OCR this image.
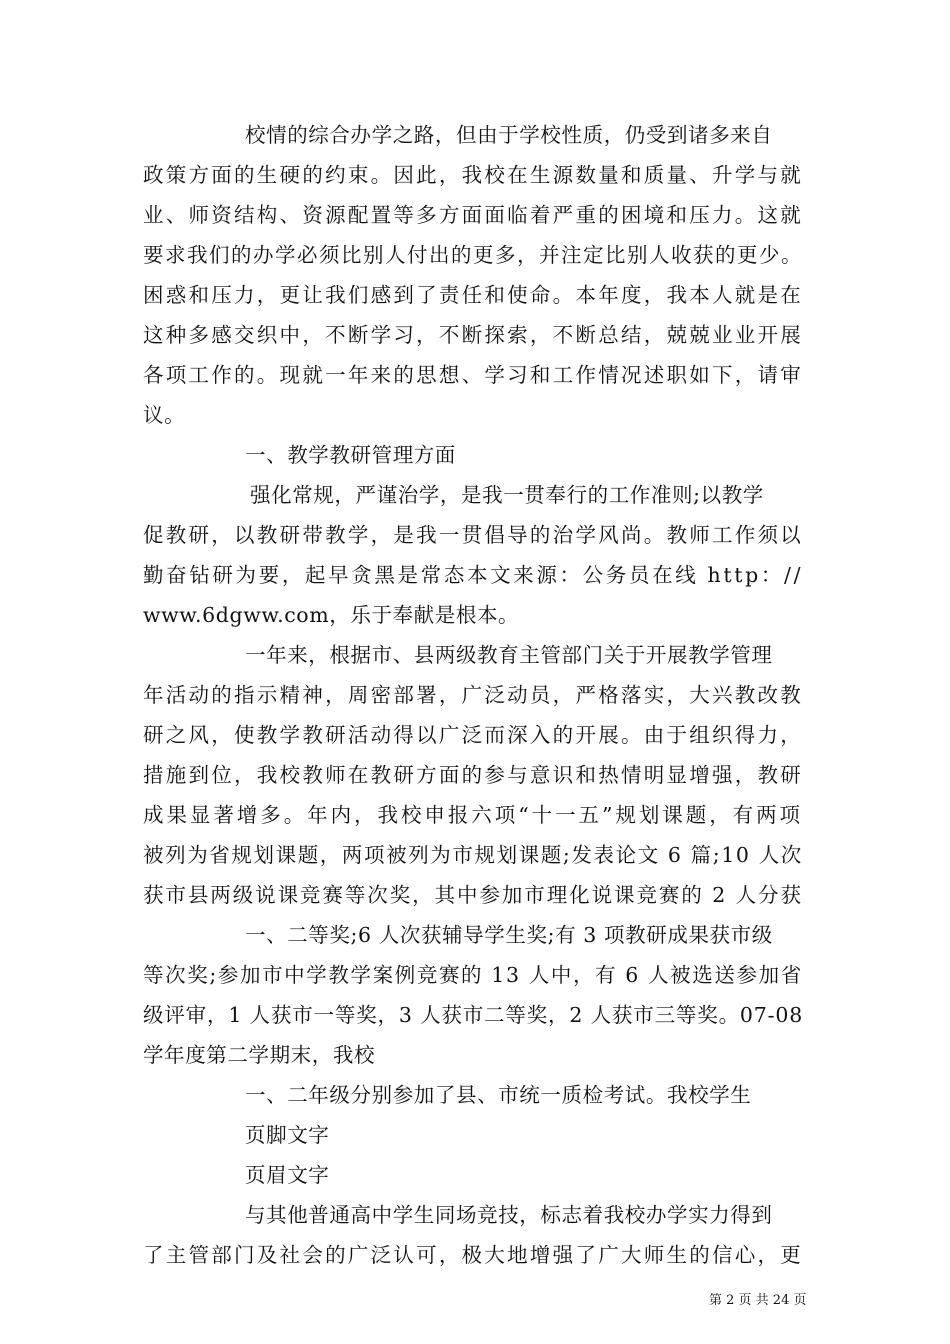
校情的综合办学之路，但由于学校性质，仍受到诸多来自
政策方面的生硬的约束。因此，我校在生源数量和质量、升学与就
业、师资结构、资源配置等多方面面临着严重的困境和压力。这就
要求我们的办学必须比别人付出的更多，并注定比别人收获的更少。
困惑和压力，更让我们感到了责任和使命。本年度，我本人就是在
这种多感交织中，不断学习，不断探索，不断总结，兢兢业业开展
各项工作的。现就一年来的思想、学习和工作情况述职如下，请审
议。
一、教学教研管理方面
强化常规，严谨治学，是我一贯奉行的工作准则;以教学
促教研，以教研带教学，是我一贯倡导的治学风尚。教师工作须以
勤奋钻研为要，起早贪黑是常态本文来源：公务员在线 http：//
www.6dgww.com，乐于奉献是根本。
一年来，根据市、县两级教育主管部门关于开展教学管理
年活动的指示精神，周密部署，广泛动员，严格落实，大兴教改教
研之风，使教学教研活动得以广泛而深入的开展。由于组织得力，
措施到位，我校教师在教研方面的参与意识和热情明显增强，教研
成果显著增多。年内，我校申报六项“十一五”规划课题，有两项
被列为省规划课题，两项被列为市规划课题;发表论文 6 篇;10 人次
获市县两级说课竞赛等次奖，其中参加市理化说课竞赛的 2 人分获
一、二等奖;6 人次获辅导学生奖;有 3 项教研成果获市级
等次奖;参加市中学教学案例竞赛的 13 人中，有 6 人被选送参加省
级评审，1 人获市一等奖，3 人获市二等奖，2 人获市三等奖。07-08
学年度第二学期末，我校
一、二年级分别参加了县、市统一质检考试。我校学生
页脚文字
页眉文字
与其他普通高中学生同场竞技，标志着我校办学实力得到
了主管部门及社会的广泛认可，极大地增强了广大师生的信心，更
第 2 页 共 24 页
